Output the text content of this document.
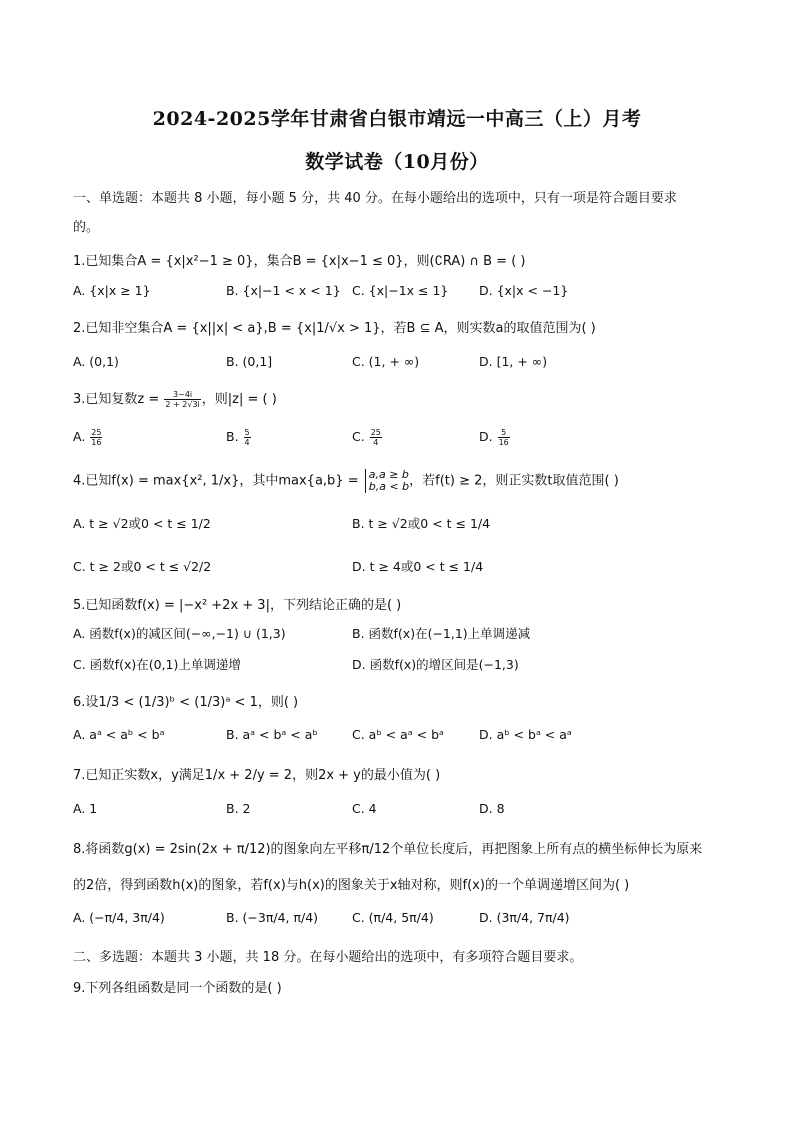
2024-2025学年甘肃省白银市靖远一中高三（上）月考
数学试卷（10月份）
一、单选题：本题共 8 小题，每小题 5 分，共 40 分。在每小题给出的选项中，只有一项是符合题目要求
的。
1.已知集合A = {x|x²−1 ≥ 0}，集合B = {x|x−1 ≤ 0}，则(∁RA) ∩ B = ( )
A. {x|x ≥ 1}	B. {x|−1 < x < 1} C. {x|−1x ≤ 1} D. {x|x < −1}
2.已知非空集合A = {x||x| < a},B = {x|1/√x > 1}，若B ⊆ A，则实数a的取值范围为( )
A. (0,1)	B. (0,1]	C. (1, + ∞)	D. [1, + ∞)
3.已知复数$z = \frac{3-4i}{2 + 2√3i}$ ，则|z| = ( )
A. $\frac{25}{16}$	B. $\frac{5}{4}$	C. $\frac{25}{4}$	D. $\frac{5}{16}$
4.已知f(x) = max{x², 1/x}，其中max{a,b} = a,a ≥ b
b,a < b ，若f(t) ≥ 2，则正实数t取值范围( )
A. t ≥ √2或0 < t ≤ 1/2	B. t ≥ √2或0 < t ≤ 1/4
C. t ≥ 2或0 < t ≤ √2/2	D. t ≥ 4或0 < t ≤ 1/4
5.已知函数f(x) = |−x² +2x + 3|，下列结论正确的是( )
A. 函数f(x)的减区间(−∞,−1) ∪ (1,3)	B. 函数f(x)在(−1,1)上单调递减
C. 函数f(x)在(0,1)上单调递增	D. 函数f(x)的增区间是(−1,3)
6.设1/3 < (1/3)ᵇ < (1/3)ᵃ < 1，则( )
A. aᵃ < aᵇ < bᵃ	B. aᵃ < bᵃ < aᵇ	C. aᵇ < aᵃ < bᵃ	D. aᵇ < bᵃ < aᵃ
7.已知正实数x，y满足1/x + 2/y = 2，则2x + y的最小值为( )
A. 1	B. 2	C. 4	D. 8
8.将函数g(x) = 2sin(2x + π/12)的图象向左平移π/12个单位长度后，再把图象上所有点的横坐标伸长为原来
的2倍，得到函数h(x)的图象，若f(x)与h(x)的图象关于x轴对称，则f(x)的一个单调递增区间为( )
A. (−π/4, 3π/4)	B. (−3π/4, π/4)	C. (π/4, 5π/4)	D. (3π/4, 7π/4)
二、多选题：本题共 3 小题，共 18 分。在每小题给出的选项中，有多项符合题目要求。
9.下列各组函数是同一个函数的是( )
